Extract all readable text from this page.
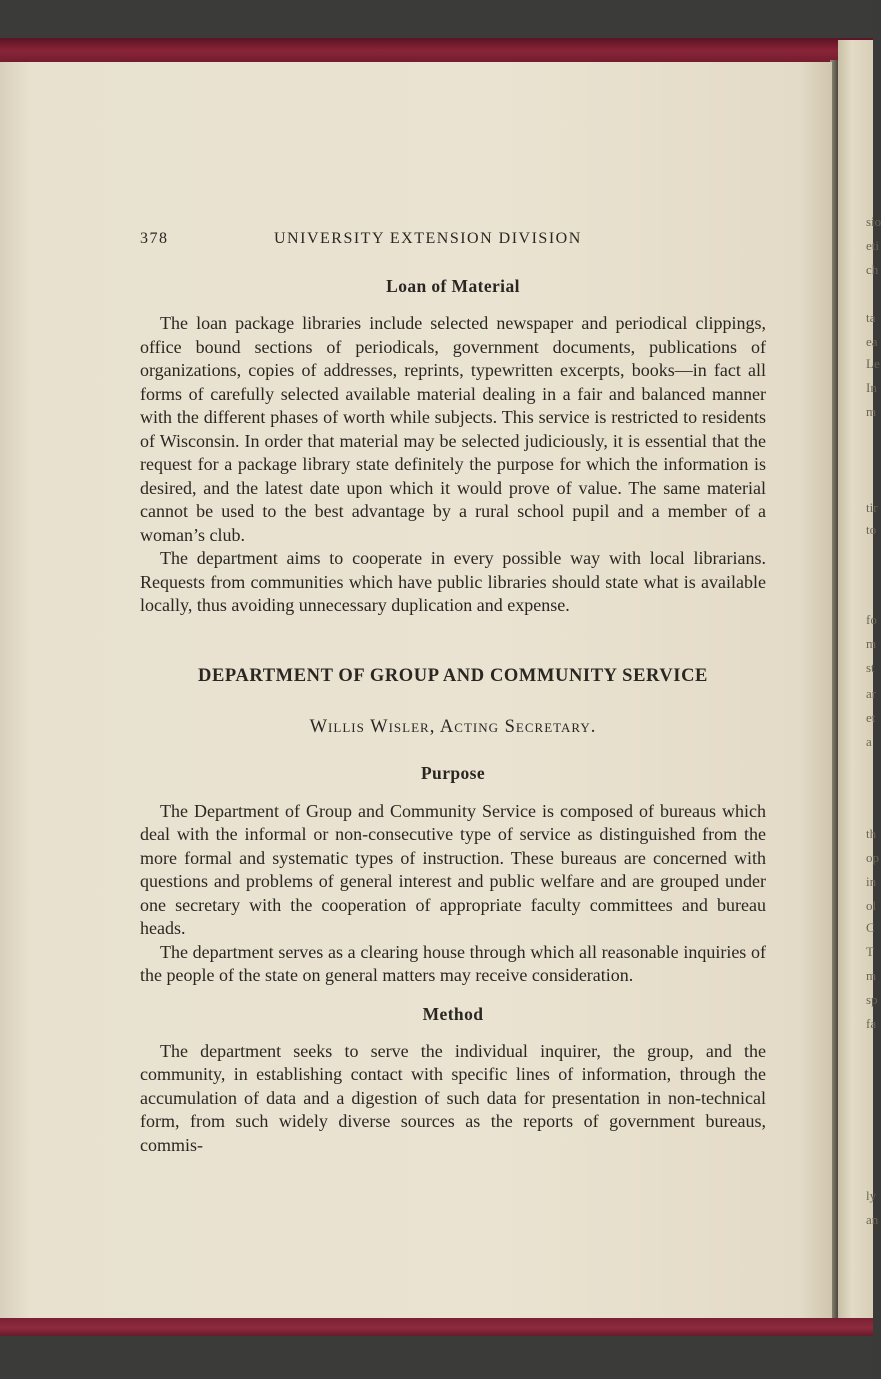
378	UNIVERSITY EXTENSION DIVISION
Loan of Material

The loan package libraries include selected newspaper and periodical clippings, office bound sections of periodicals, government documents, publications of organizations, copies of addresses, reprints, typewritten excerpts, books—in fact all forms of carefully selected available material dealing in a fair and balanced manner with the different phases of worth while subjects. This service is restricted to residents of Wisconsin. In order that material may be selected judiciously, it is essential that the request for a package library state definitely the purpose for which the information is desired, and the latest date upon which it would prove of value. The same material cannot be used to the best advantage by a rural school pupil and a member of a woman’s club.

The department aims to cooperate in every possible way with local librarians. Requests from communities which have public libraries should state what is available locally, thus avoiding unnecessary duplication and expense.

DEPARTMENT OF GROUP AND COMMUNITY SERVICE
Willis Wisler, Acting Secretary.
Purpose

The Department of Group and Community Service is composed of bureaus which deal with the informal or non-consecutive type of service as distinguished from the more formal and systematic types of instruction. These bureaus are concerned with questions and problems of general interest and public welfare and are grouped under one secretary with the cooperation of appropriate faculty committees and bureau heads.

The department serves as a clearing house through which all reasonable inquiries of the people of the state on general matters may receive consideration.

Method

The department seeks to serve the individual inquirer, the group, and the community, in establishing contact with specific lines of information, through the accumulation of data and a digestion of such data for presentation in non-technical form, from such widely diverse sources as the reports of government bureaus, commis-

sio
eti
ch
ta
ea
Le
In
m
tir
to
fo
m
st
ar
et
a
th
op
in
ol
C
T
m
sp
fa
ly
an
